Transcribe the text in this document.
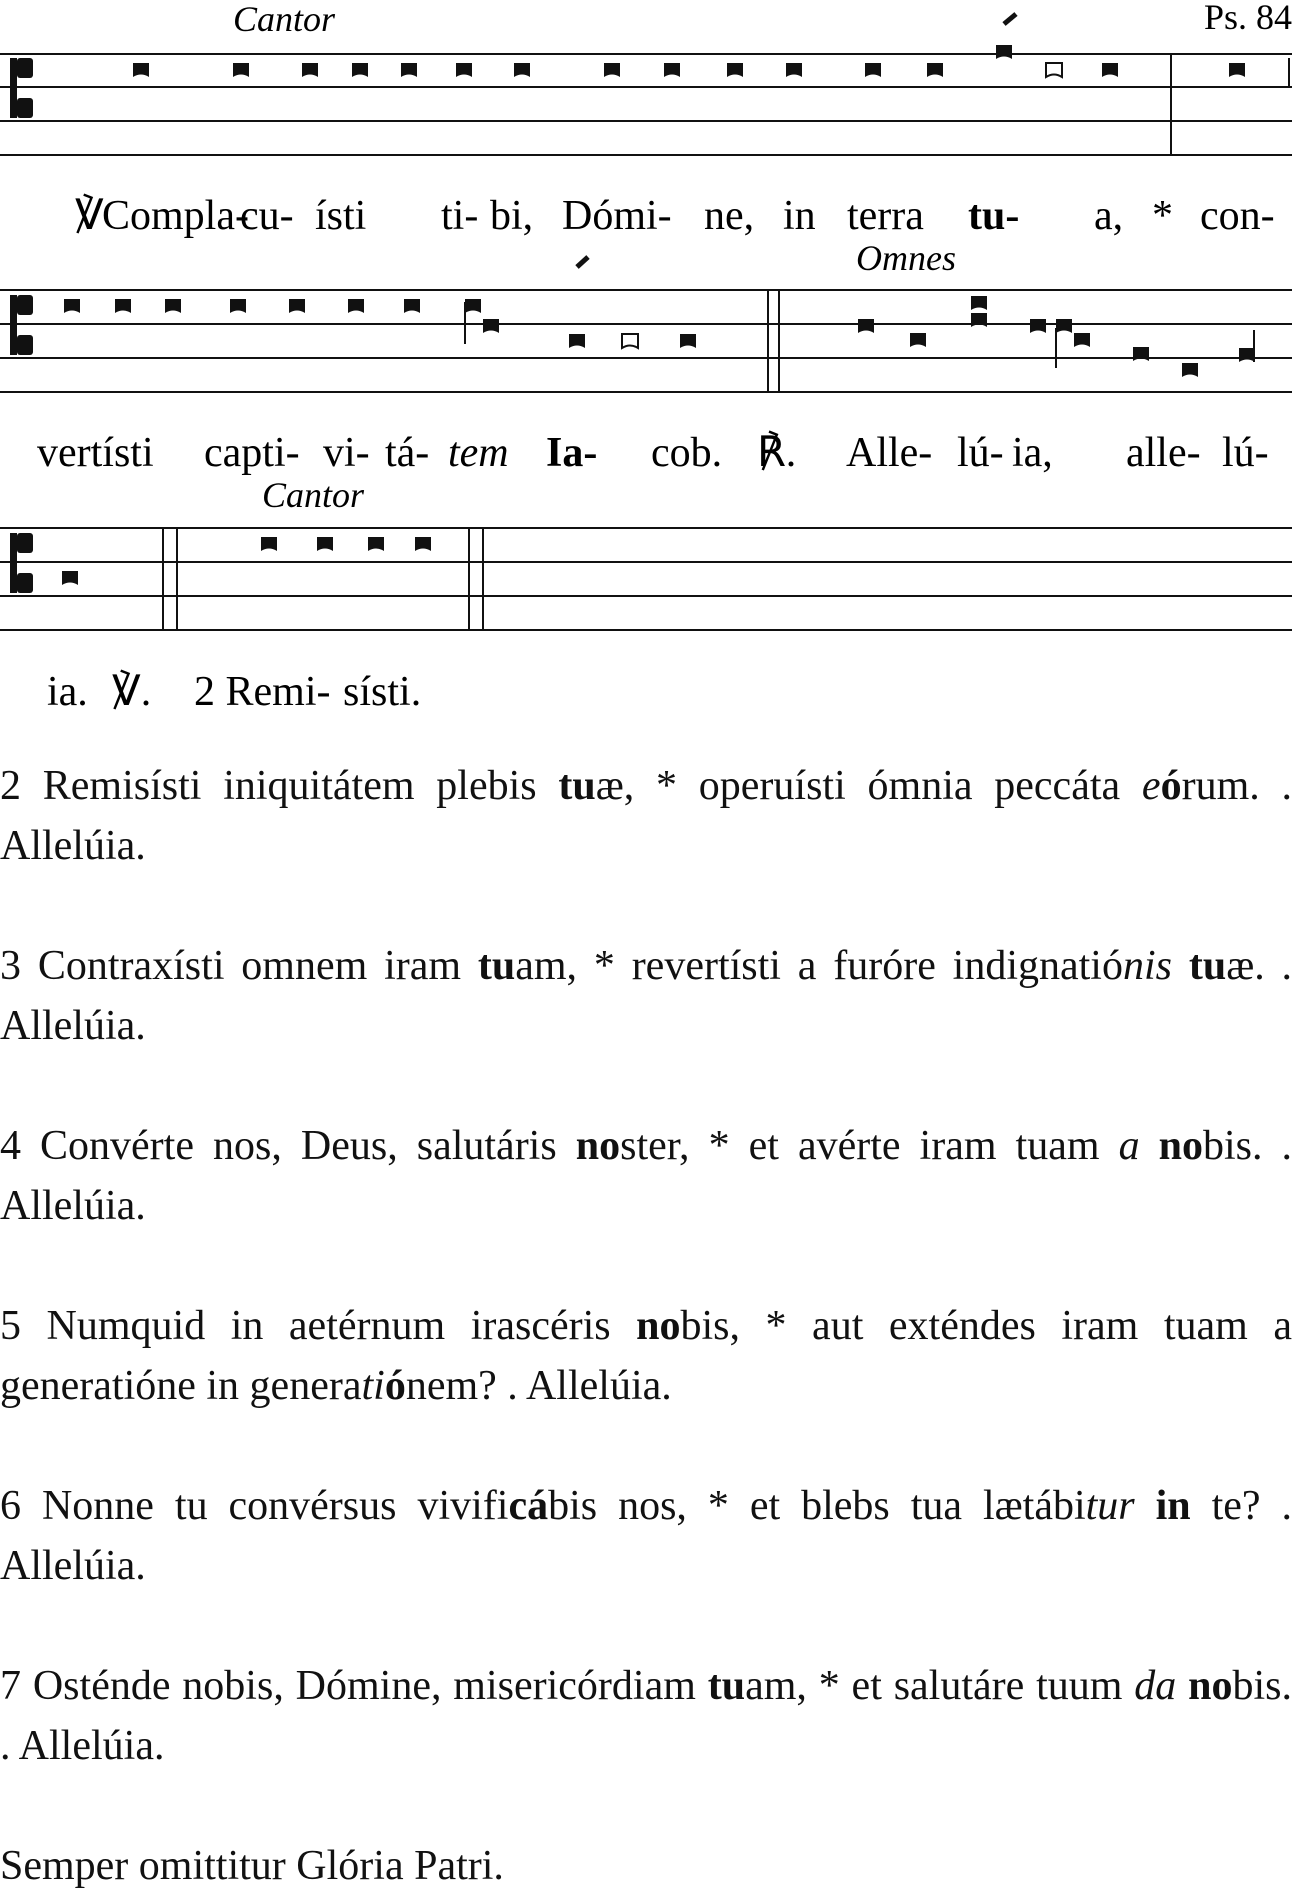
Cantor	Ps. 84
℣
Compla-
cu- ísti ti- bi, Dómi- ne, in terra tu- a, * con-
Omnes
vertísti capti- vi- tá- tem Ia- cob. ℟. Alle- lú- ia, alle- lú-
Cantor
ia. ℣. 2 Remi- sísti.

2 Remisísti iniquitátem plebis tuæ, * operuísti ómnia peccáta eórum. . Allelúia.

3 Contraxísti omnem iram tuam, * revertísti a furóre indignatiónis tuæ. . Allelúia.

4 Convérte nos, Deus, salutáris noster, * et avérte iram tuam a nobis. . Allelúia.

5 Numquid in aetérnum irascéris nobis, * aut exténdes iram tuam a generatióne in generatiónem? . Allelúia.

6 Nonne tu convérsus vivificábis nos, * et blebs tua lætábitur in te? . Allelúia.

7 Osténde nobis, Dómine, misericórdiam tuam, * et salutáre tuum da nobis. . Allelúia.

Semper omittitur Glória Patri.
